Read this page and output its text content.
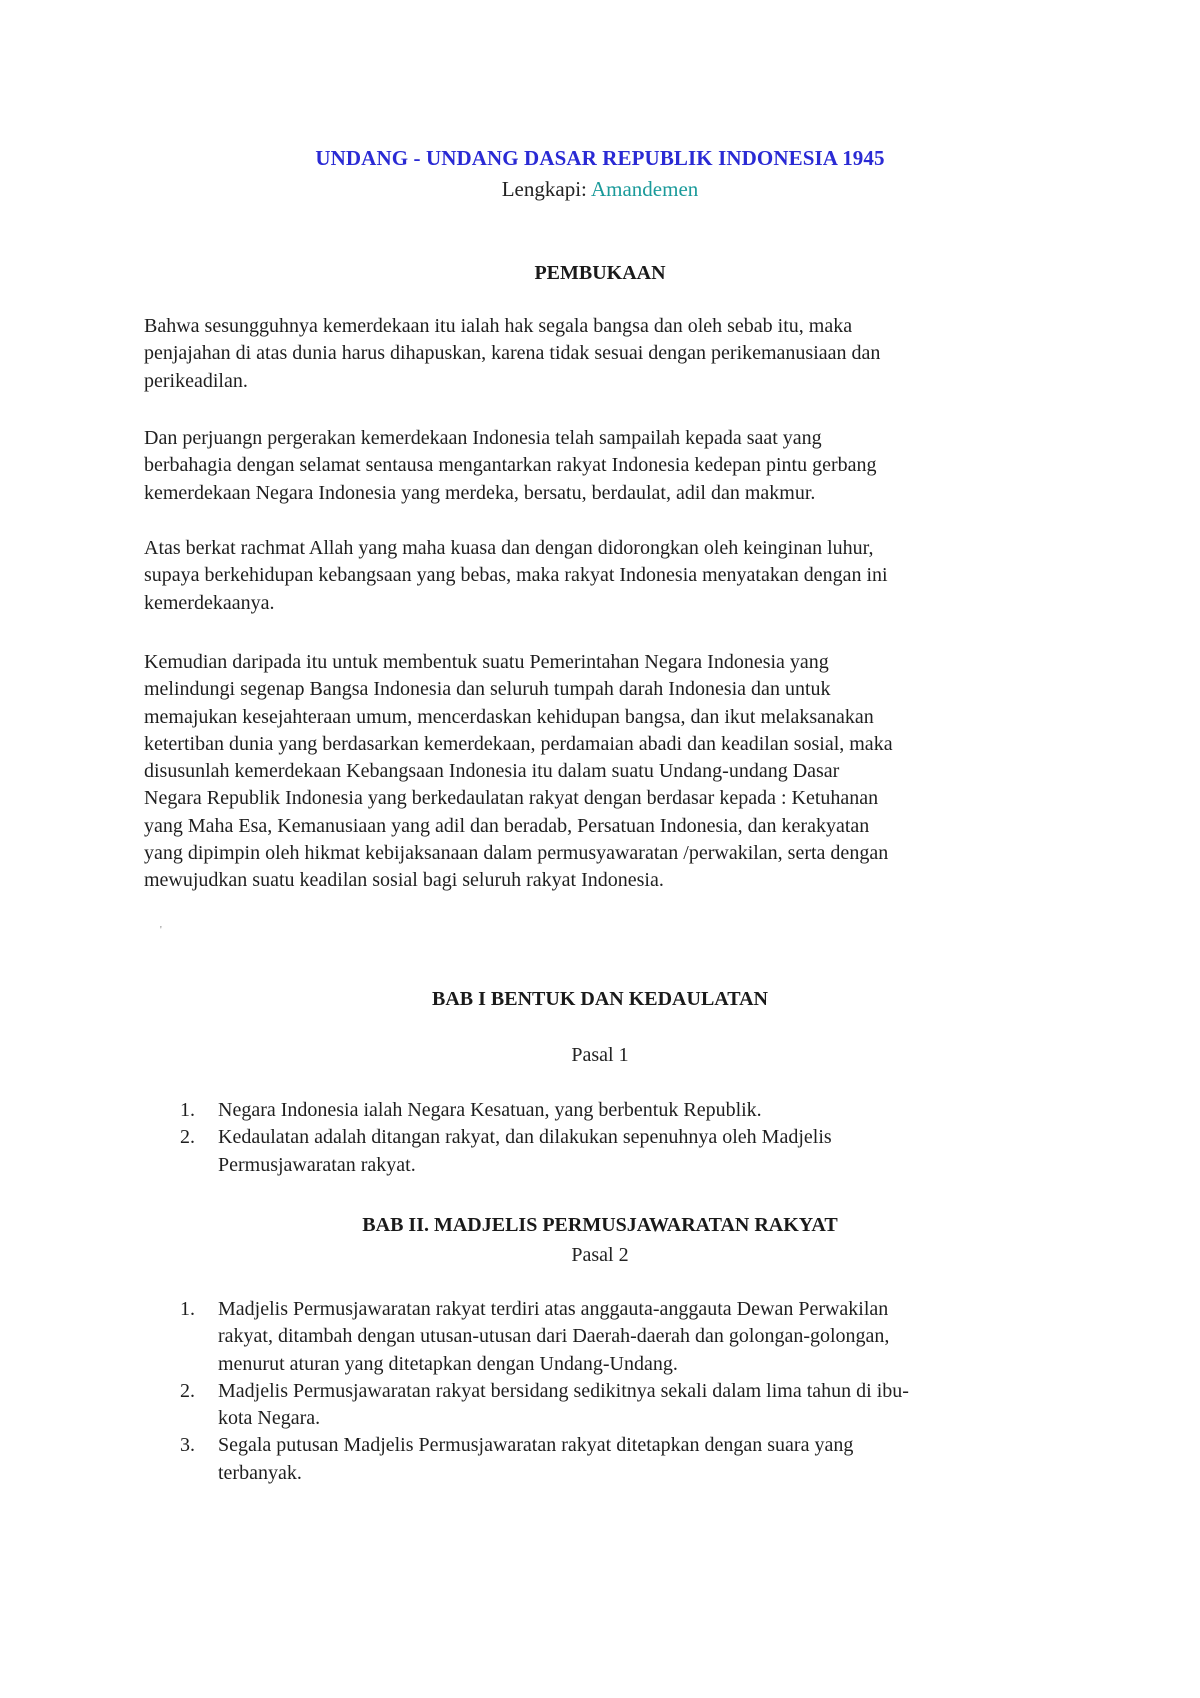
UNDANG - UNDANG DASAR REPUBLIK INDONESIA 1945

Lengkapi: Amandemen

PEMBUKAAN

Bahwa sesungguhnya kemerdekaan itu ialah hak segala bangsa dan oleh sebab itu, maka
penjajahan di atas dunia harus dihapuskan, karena tidak sesuai dengan perikemanusiaan dan
perikeadilan.

Dan perjuangn pergerakan kemerdekaan Indonesia telah sampailah kepada saat yang
berbahagia dengan selamat sentausa mengantarkan rakyat Indonesia kedepan pintu gerbang
kemerdekaan Negara Indonesia yang merdeka, bersatu, berdaulat, adil dan makmur.

Atas berkat rachmat Allah yang maha kuasa dan dengan didorongkan oleh keinginan luhur,
supaya berkehidupan kebangsaan yang bebas, maka rakyat Indonesia menyatakan dengan ini
kemerdekaanya.

Kemudian daripada itu untuk membentuk suatu Pemerintahan Negara Indonesia yang
melindungi segenap Bangsa Indonesia dan seluruh tumpah darah Indonesia dan untuk
memajukan kesejahteraan umum, mencerdaskan kehidupan bangsa, dan ikut melaksanakan
ketertiban dunia yang berdasarkan kemerdekaan, perdamaian abadi dan keadilan sosial, maka
disusunlah kemerdekaan Kebangsaan Indonesia itu dalam suatu Undang-undang Dasar
Negara Republik Indonesia yang berkedaulatan rakyat dengan berdasar kepada : Ketuhanan
yang Maha Esa, Kemanusiaan yang adil dan beradab, Persatuan Indonesia, dan kerakyatan
yang dipimpin oleh hikmat kebijaksanaan dalam permusyawaratan /perwakilan, serta dengan
mewujudkan suatu keadilan sosial bagi seluruh rakyat Indonesia.

'
BAB I BENTUK DAN KEDAULATAN

Pasal 1

1. Negara Indonesia ialah Negara Kesatuan, yang berbentuk Republik.
2. Kedaulatan adalah ditangan rakyat, dan dilakukan sepenuhnya oleh Madjelis
Permusjawaratan rakyat.
BAB II. MADJELIS PERMUSJAWARATAN RAKYAT

Pasal 2

1. Madjelis Permusjawaratan rakyat terdiri atas anggauta-anggauta Dewan Perwakilan
rakyat, ditambah dengan utusan-utusan dari Daerah-daerah dan golongan-golongan,
menurut aturan yang ditetapkan dengan Undang-Undang.
2. Madjelis Permusjawaratan rakyat bersidang sedikitnya sekali dalam lima tahun di ibu-
kota Negara.
3. Segala putusan Madjelis Permusjawaratan rakyat ditetapkan dengan suara yang
terbanyak.
